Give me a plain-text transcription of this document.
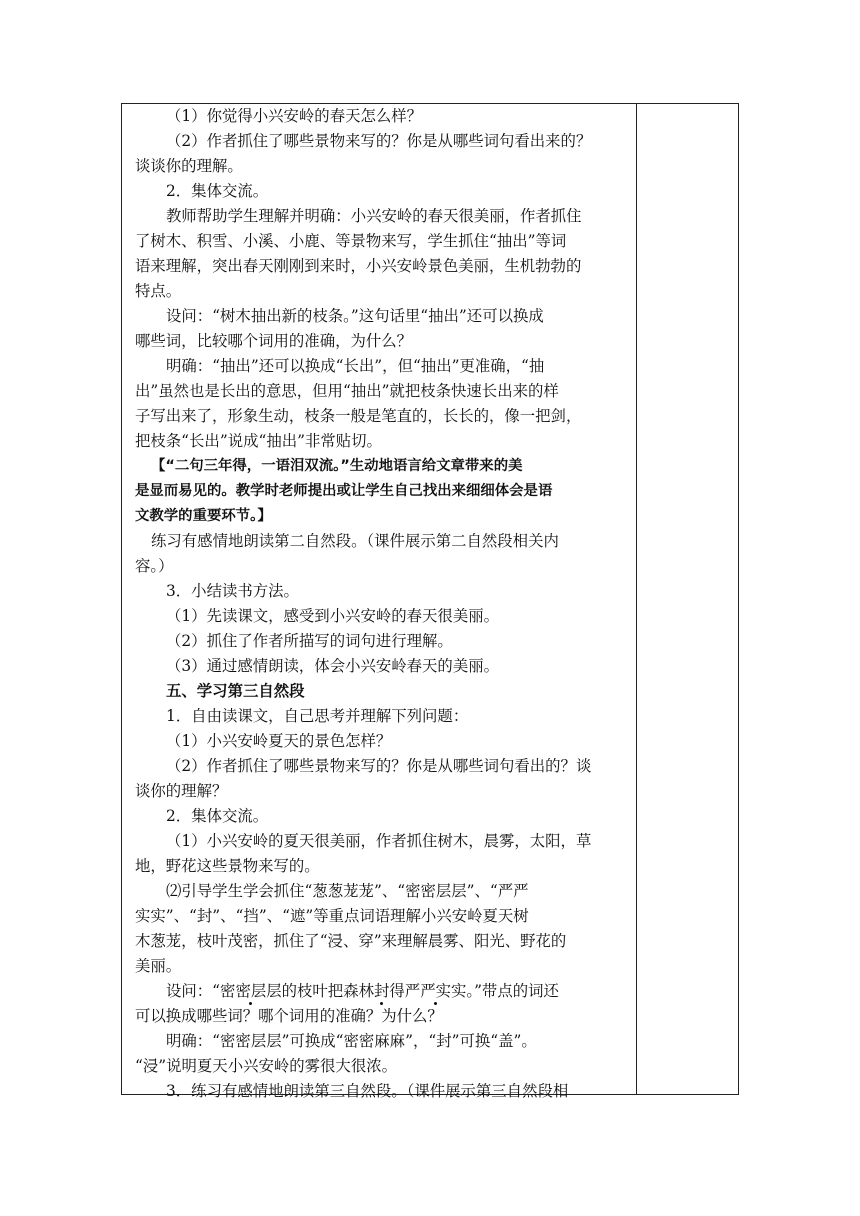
（1）你觉得小兴安岭的春天怎么样？
（2）作者抓住了哪些景物来写的？你是从哪些词句看出来的？
谈谈你的理解。
2．集体交流。
教师帮助学生理解并明确：小兴安岭的春天很美丽，作者抓住
了树木、积雪、小溪、小鹿、等景物来写，学生抓住“抽出”等词
语来理解，突出春天刚刚到来时，小兴安岭景色美丽，生机勃勃的
特点。
设问：“树木抽出新的枝条。”这句话里“抽出”还可以换成
哪些词，比较哪个词用的准确，为什么？
明确：“抽出”还可以换成“长出”，但“抽出”更准确，“抽
出”虽然也是长出的意思，但用“抽出”就把枝条快速长出来的样
子写出来了，形象生动，枝条一般是笔直的，长长的，像一把剑，
把枝条“长出”说成“抽出”非常贴切。
【“二句三年得，一语泪双流。”生动地语言给文章带来的美
是显而易见的。教学时老师提出或让学生自己找出来细细体会是语
文教学的重要环节。】
练习有感情地朗读第二自然段。（课件展示第二自然段相关内
容。）
3．小结读书方法。
（1）先读课文，感受到小兴安岭的春天很美丽。
（2）抓住了作者所描写的词句进行理解。
（3）通过感情朗读，体会小兴安岭春天的美丽。
五、学习第三自然段
1．自由读课文，自己思考并理解下列问题：
（1）小兴安岭夏天的景色怎样？
（2）作者抓住了哪些景物来写的？你是从哪些词句看出的？谈
谈你的理解？
2．集体交流。
（1）小兴安岭的夏天很美丽，作者抓住树木，晨雾，太阳，草
地，野花这些景物来写的。
⑵引导学生学会抓住“葱葱茏茏”、“密密层层”、“严严
实实”、“封”、“挡”、“遮”等重点词语理解小兴安岭夏天树
木葱茏，枝叶茂密，抓住了“浸、穿”来理解晨雾、阳光、野花的
美丽。
设问：“密密层层的枝叶把森林封得严严实实。”带点的词还
可以换成哪些词？哪个词用的准确？为什么？
明确：“密密层层”可换成“密密麻麻”，“封”可换“盖”。
“浸”说明夏天小兴安岭的雾很大很浓。
3．练习有感情地朗读第三自然段。（课件展示第三自然段相
